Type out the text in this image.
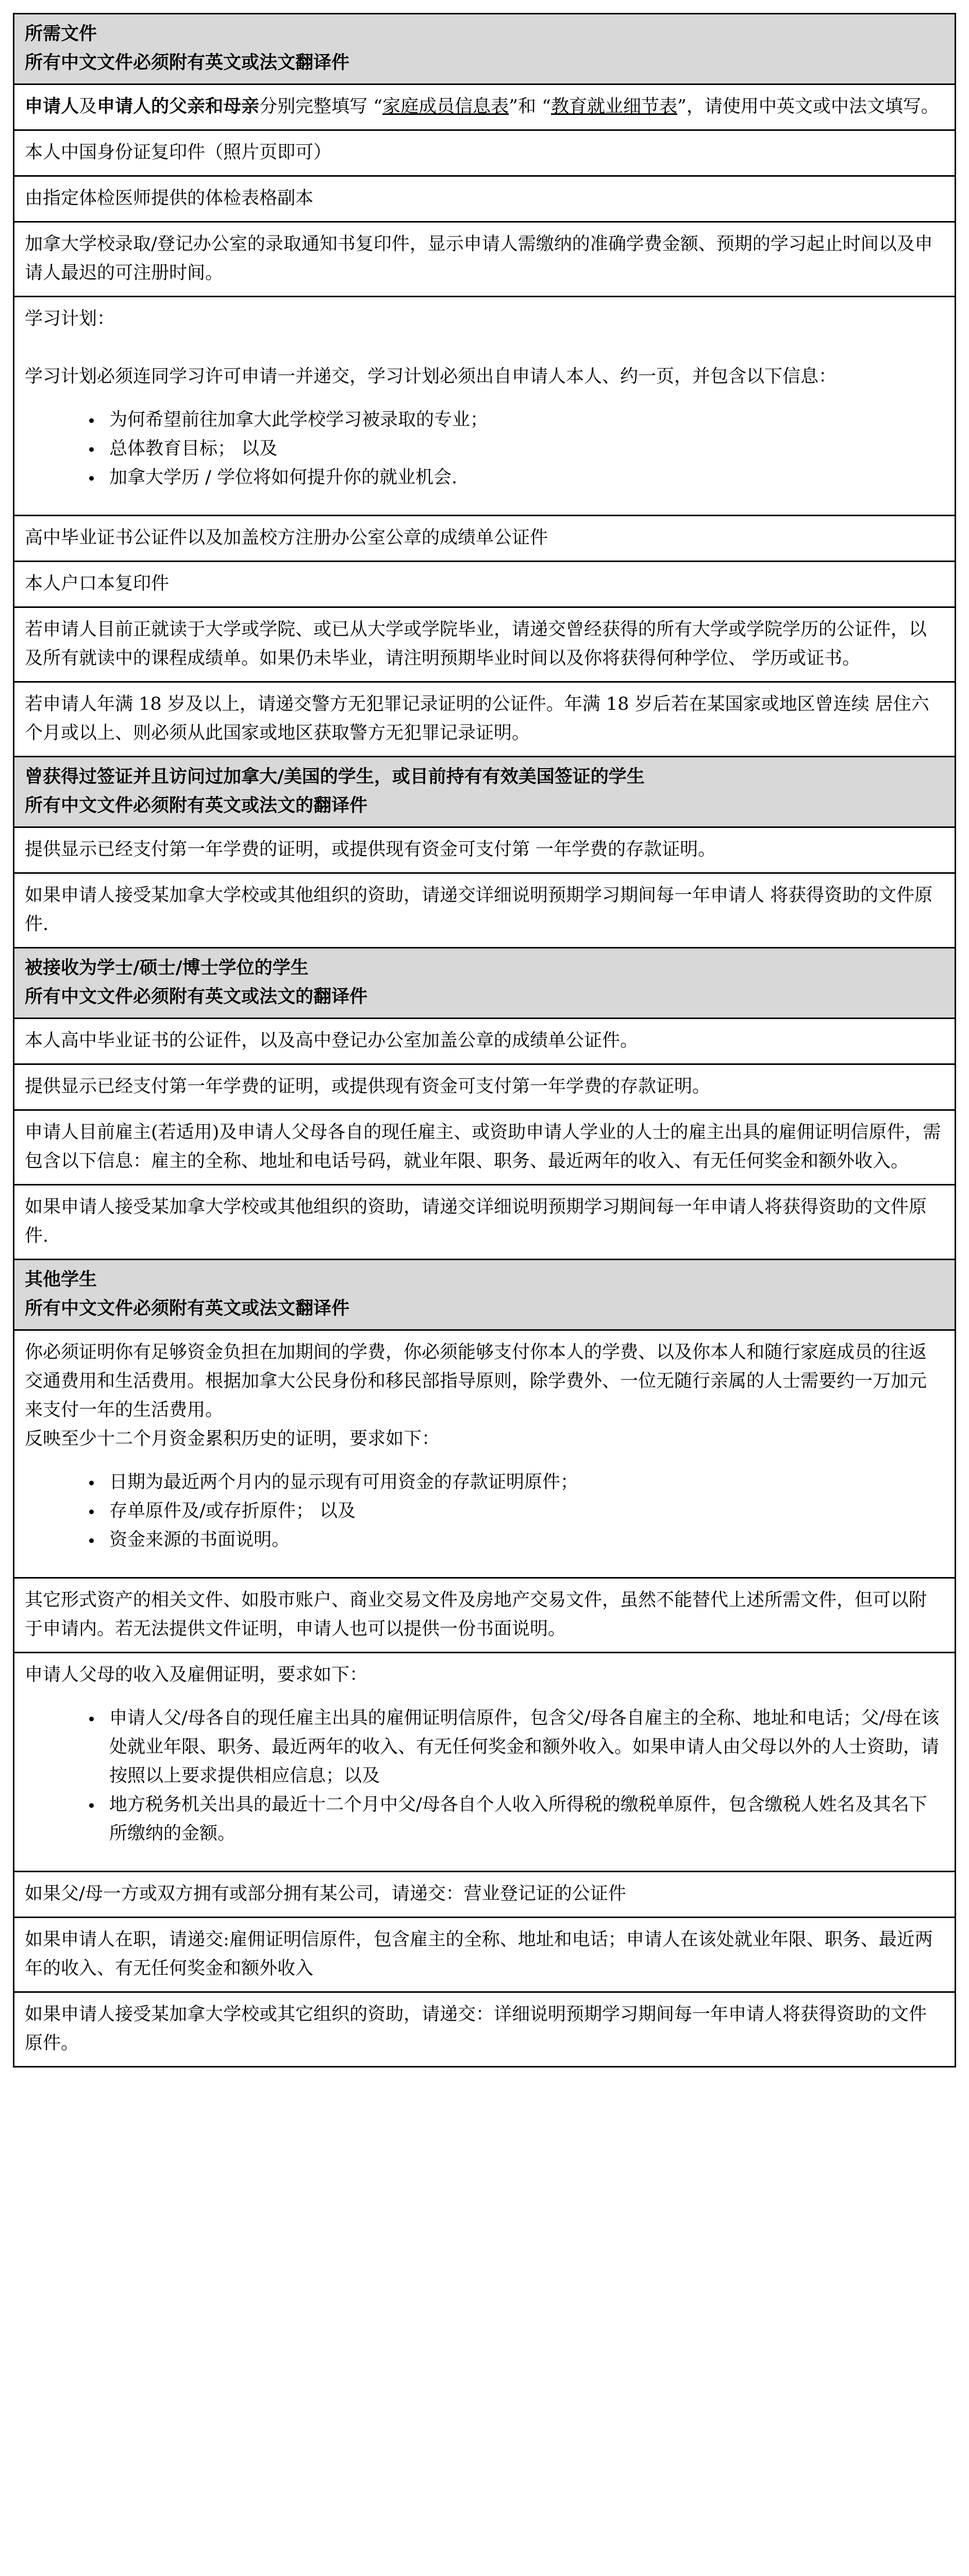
所需文件
所有中文文件必须附有英文或法文翻译件

申请人及申请人的父亲和母亲分别完整填写 “家庭成员信息表”和 “教育就业细节表”，请使用中英文或中法文填写。

本人中国身份证复印件（照片页即可）

由指定体检医师提供的体检表格副本

加拿大学校录取/登记办公室的录取通知书复印件，显示申请人需缴纳的准确学费金额、预期的学习起止时间以及申请人最迟的可注册时间。

学习计划：

学习计划必须连同学习许可申请一并递交，学习计划必须出自申请人本人、约一页，并包含以下信息：

• 为何希望前往加拿大此学校学习被录取的专业；
• 总体教育目标； 以及
• 加拿大学历 / 学位将如何提升你的就业机会.

高中毕业证书公证件以及加盖校方注册办公室公章的成绩单公证件

本人户口本复印件

若申请人目前正就读于大学或学院、或已从大学或学院毕业，请递交曾经获得的所有大学或学院学历的公证件，以及所有就读中的课程成绩单。如果仍未毕业，请注明预期毕业时间以及你将获得何种学位、 学历或证书。

若申请人年满 18 岁及以上，请递交警方无犯罪记录证明的公证件。年满 18 岁后若在某国家或地区曾连续 居住六个月或以上、则必须从此国家或地区获取警方无犯罪记录证明。

曾获得过签证并且访问过加拿大/美国的学生，或目前持有有效美国签证的学生
所有中文文件必须附有英文或法文的翻译件

提供显示已经支付第一年学费的证明，或提供现有资金可支付第 一年学费的存款证明。

如果申请人接受某加拿大学校或其他组织的资助，请递交详细说明预期学习期间每一年申请人 将获得资助的文件原件.

被接收为学士/硕士/博士学位的学生
所有中文文件必须附有英文或法文的翻译件

本人高中毕业证书的公证件，以及高中登记办公室加盖公章的成绩单公证件。

提供显示已经支付第一年学费的证明，或提供现有资金可支付第一年学费的存款证明。

申请人目前雇主(若适用)及申请人父母各自的现任雇主、或资助申请人学业的人士的雇主出具的雇佣证明信原件，需包含以下信息：雇主的全称、地址和电话号码，就业年限、职务、最近两年的收入、有无任何奖金和额外收入。

如果申请人接受某加拿大学校或其他组织的资助，请递交详细说明预期学习期间每一年申请人将获得资助的文件原件.

其他学生
所有中文文件必须附有英文或法文翻译件

你必须证明你有足够资金负担在加期间的学费，你必须能够支付你本人的学费、以及你本人和随行家庭成员的往返交通费用和生活费用。根据加拿大公民身份和移民部指导原则，除学费外、一位无随行亲属的人士需要约一万加元来支付一年的生活费用。

反映至少十二个月资金累积历史的证明，要求如下：

• 日期为最近两个月内的显示现有可用资金的存款证明原件；
• 存单原件及/或存折原件； 以及
• 资金来源的书面说明。

其它形式资产的相关文件、如股市账户、商业交易文件及房地产交易文件，虽然不能替代上述所需文件，但可以附于申请内。若无法提供文件证明，申请人也可以提供一份书面说明。

申请人父母的收入及雇佣证明，要求如下：

• 申请人父/母各自的现任雇主出具的雇佣证明信原件，包含父/母各自雇主的全称、地址和电话；父/母在该处就业年限、职务、最近两年的收入、有无任何奖金和额外收入。如果申请人由父母以外的人士资助，请按照以上要求提供相应信息；以及
• 地方税务机关出具的最近十二个月中父/母各自个人收入所得税的缴税单原件，包含缴税人姓名及其名下所缴纳的金额。

如果父/母一方或双方拥有或部分拥有某公司，请递交：营业登记证的公证件

如果申请人在职，请递交:雇佣证明信原件，包含雇主的全称、地址和电话；申请人在该处就业年限、职务、最近两年的收入、有无任何奖金和额外收入

如果申请人接受某加拿大学校或其它组织的资助，请递交：详细说明预期学习期间每一年申请人将获得资助的文件原件。
